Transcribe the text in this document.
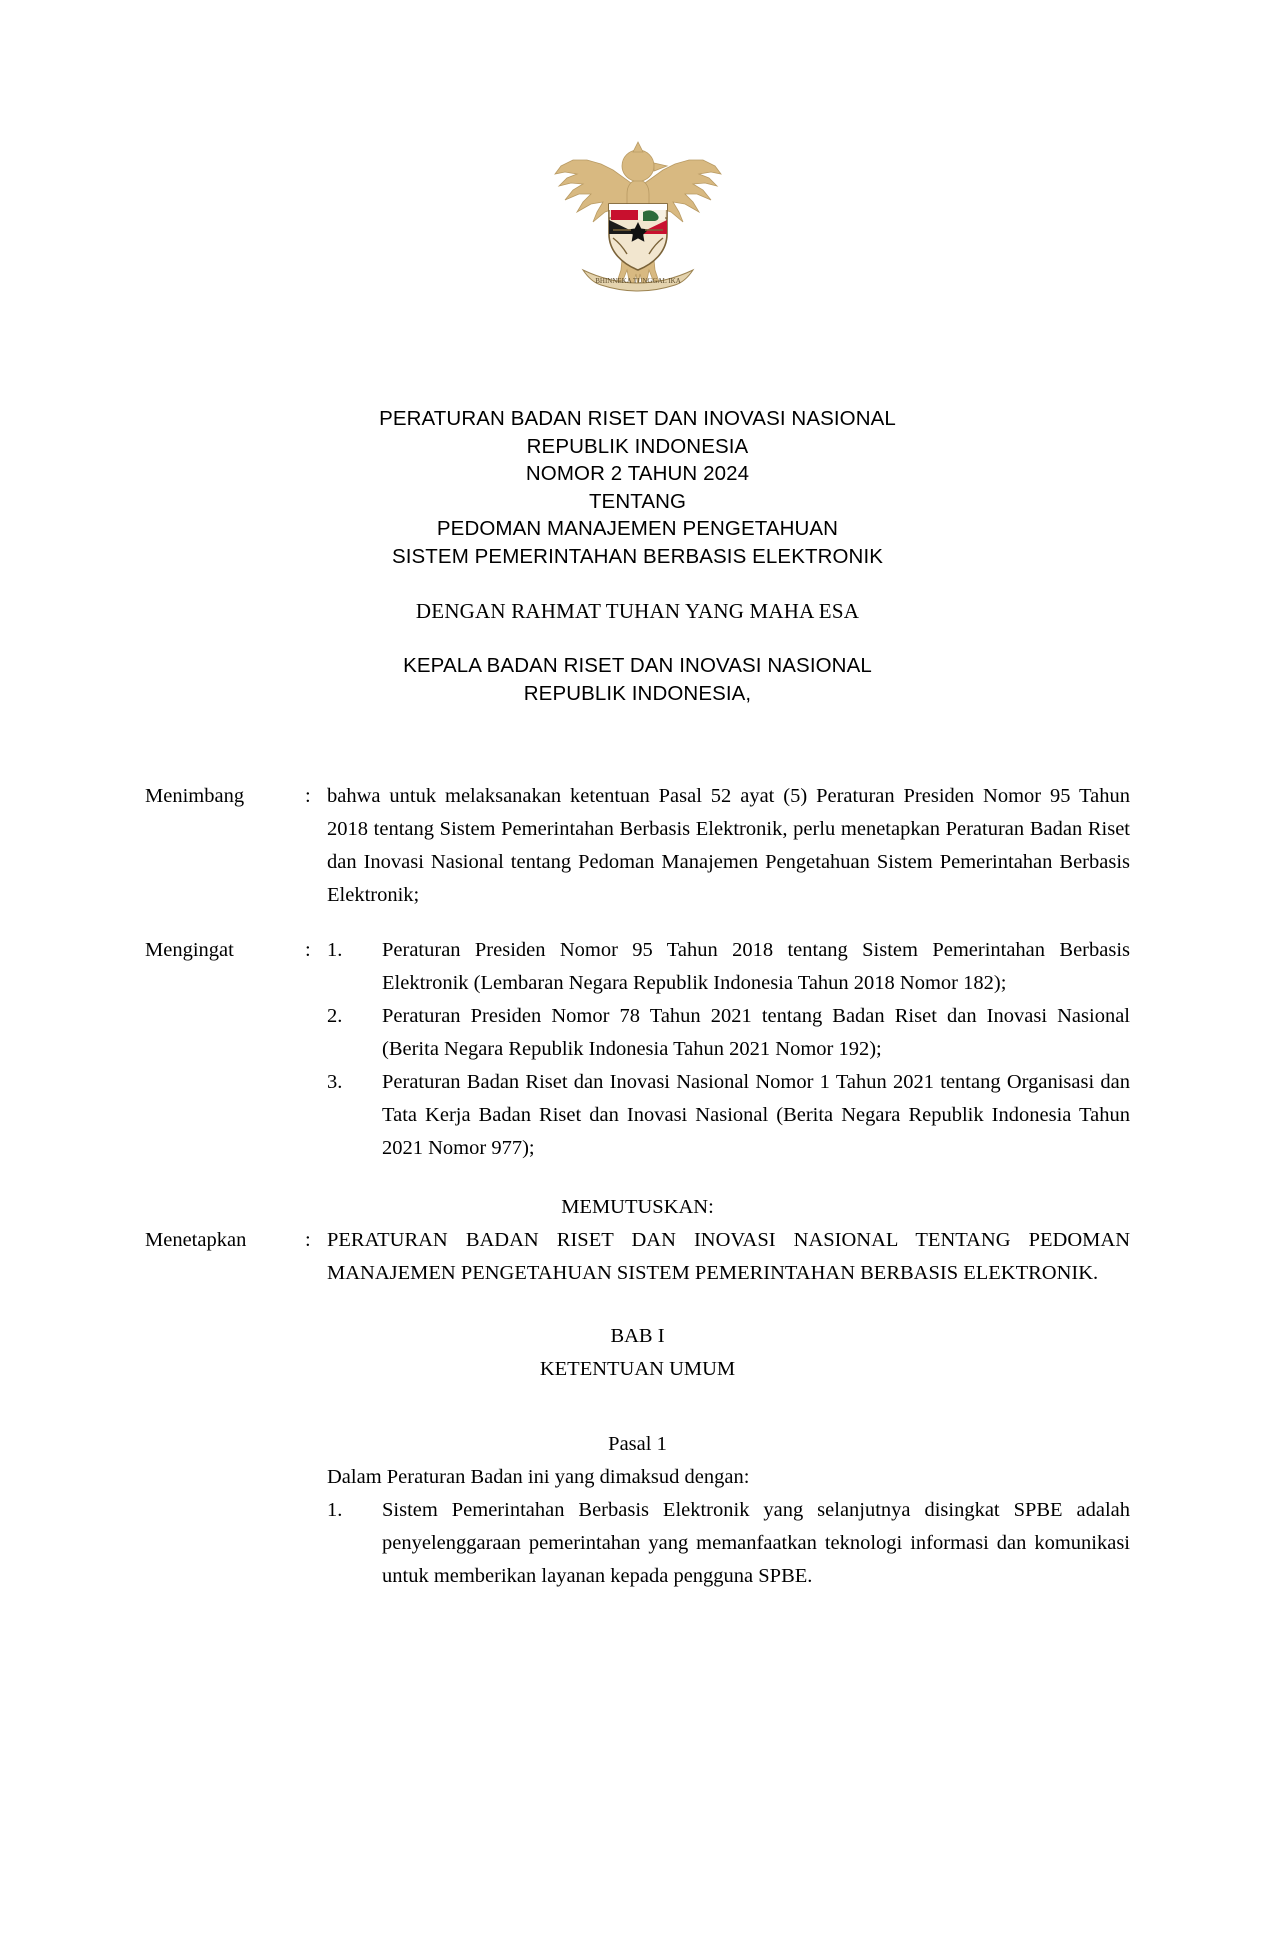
BHINNEKA TUNGGAL IKA
PERATURAN BADAN RISET DAN INOVASI NASIONAL
REPUBLIK INDONESIA
NOMOR 2 TAHUN 2024
TENTANG
PEDOMAN MANAJEMEN PENGETAHUAN
SISTEM PEMERINTAHAN BERBASIS ELEKTRONIK
DENGAN RAHMAT TUHAN YANG MAHA ESA
KEPALA BADAN RISET DAN INOVASI NASIONAL
REPUBLIK INDONESIA,
Menimbang	: bahwa untuk melaksanakan ketentuan Pasal 52 ayat (5) Peraturan Presiden Nomor 95 Tahun 2018 tentang Sistem Pemerintahan Berbasis Elektronik, perlu menetapkan Peraturan Badan Riset dan Inovasi Nasional tentang Pedoman Manajemen Pengetahuan Sistem Pemerintahan Berbasis Elektronik;
Mengingat	: 1.	Peraturan Presiden Nomor 95 Tahun 2018 tentang Sistem Pemerintahan Berbasis Elektronik (Lembaran Negara Republik Indonesia Tahun 2018 Nomor 182);
2.	Peraturan Presiden Nomor 78 Tahun 2021 tentang Badan Riset dan Inovasi Nasional (Berita Negara Republik Indonesia Tahun 2021 Nomor 192);
3.	Peraturan Badan Riset dan Inovasi Nasional Nomor 1 Tahun 2021 tentang Organisasi dan Tata Kerja Badan Riset dan Inovasi Nasional (Berita Negara Republik Indonesia Tahun 2021 Nomor 977);
MEMUTUSKAN:
Menetapkan	: PERATURAN BADAN RISET DAN INOVASI NASIONAL TENTANG PEDOMAN MANAJEMEN PENGETAHUAN SISTEM PEMERINTAHAN BERBASIS ELEKTRONIK.
BAB I
KETENTUAN UMUM
Pasal 1
Dalam Peraturan Badan ini yang dimaksud dengan:
1.	Sistem Pemerintahan Berbasis Elektronik yang selanjutnya disingkat SPBE adalah penyelenggaraan pemerintahan yang memanfaatkan teknologi informasi dan komunikasi untuk memberikan layanan kepada pengguna SPBE.
